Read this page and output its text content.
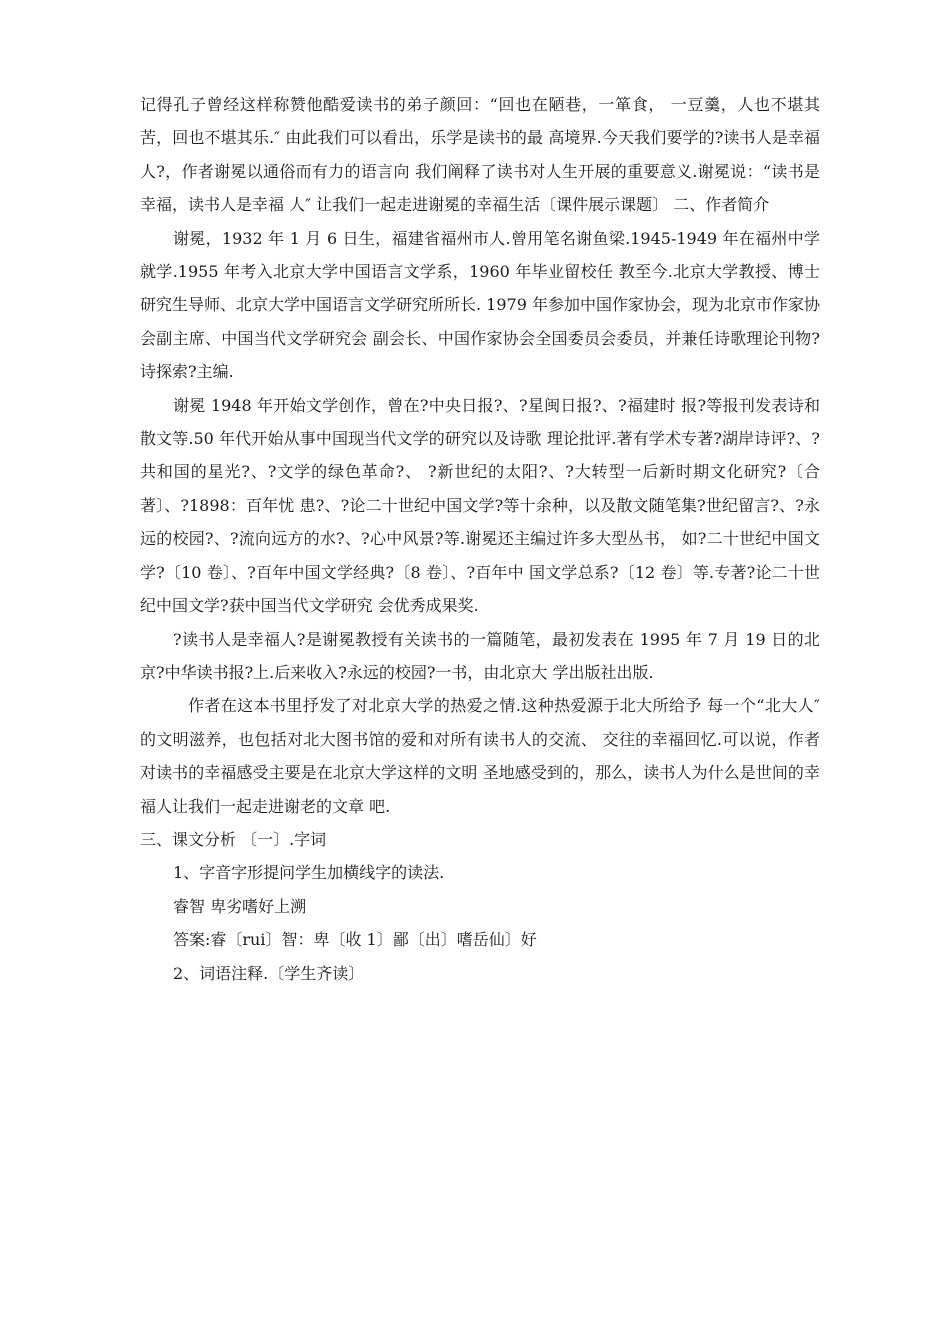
记得孔子曾经这样称赞他酷爱读书的弟子颜回：“回也在陋巷，一箪食， 一豆羹，人也不堪其苦，回也不堪其乐.″ 由此我们可以看出，乐学是读书的最 高境界.今天我们要学的?读书人是幸福人?，作者谢冕以通俗而有力的语言向 我们阐释了读书对人生开展的重要意义.谢冕说：“读书是幸福，读书人是幸福 人″ 让我们一起走进谢冕的幸福生活〔课件展示课题〕 二、作者简介

谢冕，1932 年 1 月 6 日生，福建省福州市人.曾用笔名谢鱼梁.1945-1949 年在福州中学就学.1955 年考入北京大学中国语言文学系，1960 年毕业留校任 教至今.北京大学教授、博士研究生导师、北京大学中国语言文学研究所所长. 1979 年参加中国作家协会，现为北京市作家协会副主席、中国当代文学研究会 副会长、中国作家协会全国委员会委员，并兼任诗歌理论刊物?诗探索?主编.

谢冕 1948 年开始文学创作，曾在?中央日报?、?星闽日报?、?福建时 报?等报刊发表诗和散文等.50 年代开始从事中国现当代文学的研究以及诗歌 理论批评.著有学术专著?湖岸诗评?、?共和国的星光?、?文学的绿色革命?、 ?新世纪的太阳?、?大转型一后新时期文化研究?〔合著〕、?1898：百年忧 患?、?论二十世纪中国文学?等十余种，以及散文随笔集?世纪留言?、?永 远的校园?、?流向远方的水?、?心中风景?等.谢冕还主编过许多大型丛书， 如?二十世纪中国文学?〔10 卷〕、?百年中国文学经典?〔8 卷〕、?百年中 国文学总系?〔12 卷〕等.专著?论二十世纪中国文学?获中国当代文学研究 会优秀成果奖.

?读书人是幸福人?是谢冕教授有关读书的一篇随笔，最初发表在 1995 年 7 月 19 日的北京?中华读书报?上.后来收入?永远的校园?一书，由北京大 学出版社出版.

作者在这本书里抒发了对北京大学的热爱之情.这种热爱源于北大所给予 每一个“北大人″ 的文明滋养，也包括对北大图书馆的爱和对所有读书人的交流、 交往的幸福回忆.可以说，作者对读书的幸福感受主要是在北京大学这样的文明 圣地感受到的，那么，读书人为什么是世间的幸福人让我们一起走进谢老的文章 吧.

三、课文分析 〔一〕.字词

1、字音字形提问学生加横线字的读法.

睿智 卑劣嗜好上溯

答案:睿〔rui〕智：卑〔收 1〕鄙〔出〕嗜岳仙〕好

2、词语注释.〔学生齐读〕
